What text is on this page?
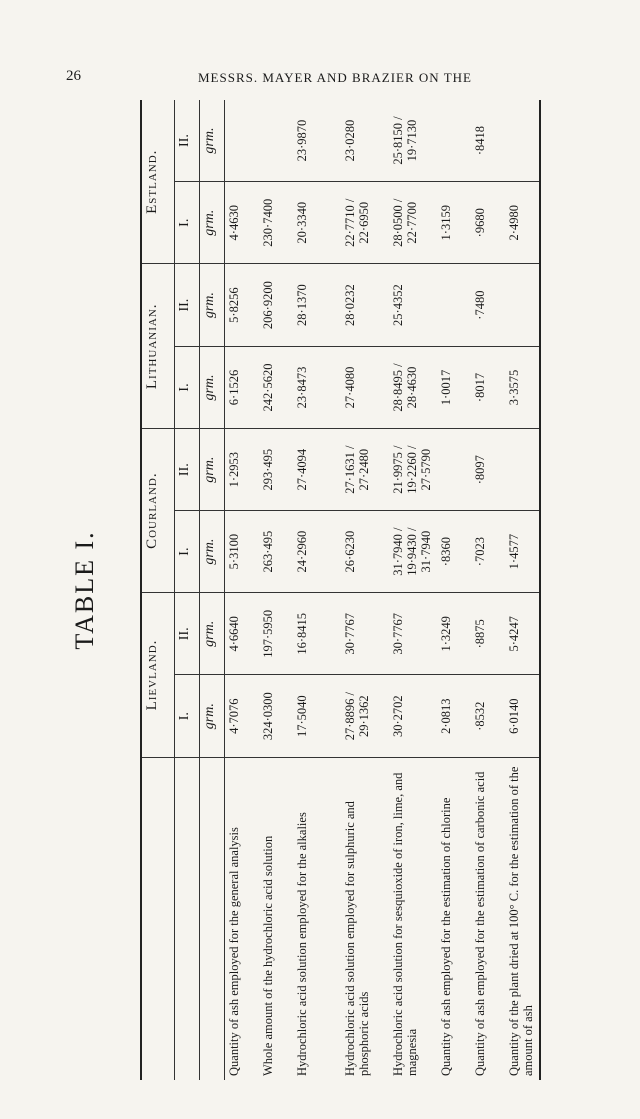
26	MESSRS. MAYER AND BRAZIER ON THE
TABLE I.
	Lievland.		Courland.		Lithuanian.		Estland.	
	I.	II.	I.	II.	I.	II.	I.	II.
	grm.	grm.	grm.	grm.	grm.	grm.	grm.	grm.
Quantity of ash employed for the general analysis	4·7076	4·6640	5·3100	1·2953	6·1526	5·8256	4·4630	
Whole amount of the hydrochloric acid solution	324·0300	197·5950	263·495	293·495	242·5620	206·9200	230·7400	
Hydrochloric acid solution employed for the alkalies	17·5040	16·8415	24·2960	27·4094	23·8473	28·1370	20·3340	23·9870
Hydrochloric acid solution employed for sulphuric and phosphoric acids	27·8896 / 29·1362	30·7767	26·6230	27·1631 / 27·2480	27·4080	28·0232	22·7710 / 22·6950	23·0280
Hydrochloric acid solution for sesquioxide of iron, lime, and magnesia	30·2702	30·7767	31·7940 / 19·9430 / 31·7940	21·9975 / 19·2260 / 27·5790	28·8495 / 28·4630	25·4352	28·0500 / 22·7700	25·8150 / 19·7130
Quantity of ash employed for the estimation of chlorine	2·0813	1·3249	·8360		1·0017		1·3159	
Quantity of ash employed for the estimation of carbonic acid	·8532	·8875	·7023	·8097	·8017	·7480	·9680	·8418
Quantity of the plant dried at 100° C. for the estimation of the amount of ash	6·0140	5·4247	1·4577		3·3575		2·4980	
